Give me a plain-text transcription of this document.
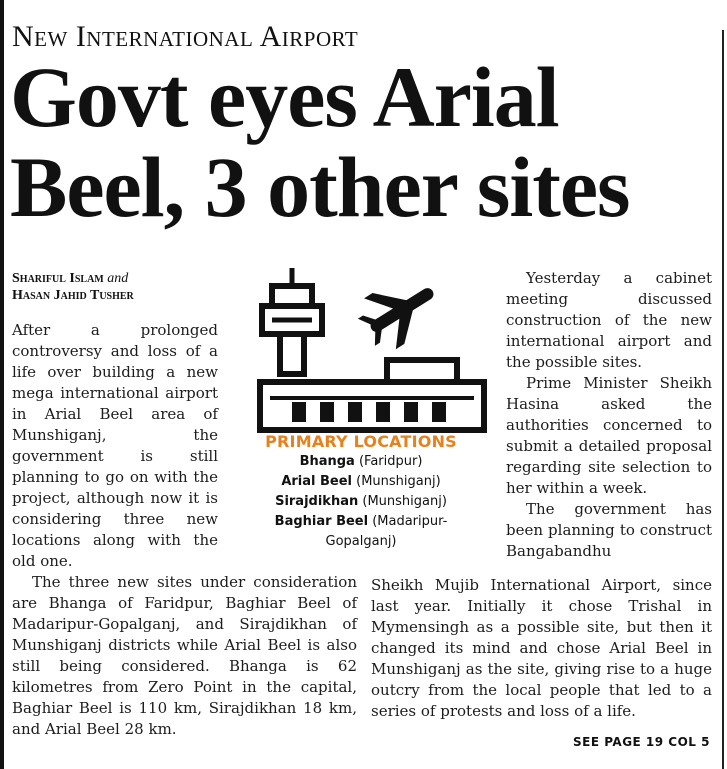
New International Airport
Govt eyes Arial
Beel, 3 other sites
Shariful Islam and
Hasan Jahid Tusher

After a prolonged controversy and loss of a life over building a new mega international airport in Arial Beel area of Munshiganj, the government is still planning to go on with the project, although now it is considering three new locations along with the old one.

The three new sites under consideration are Bhanga of Faridpur, Baghiar Beel of Madaripur-Gopalganj, and Sirajdikhan of Munshiganj districts while Arial Beel is also still being considered. Bhanga is 62 kilometres from Zero Point in the capital, Baghiar Beel is 110 km, Sirajdikhan 18 km, and Arial Beel 28 km.

PRIMARY LOCATIONS
Bhanga (Faridpur)
Arial Beel (Munshiganj)
Sirajdikhan (Munshiganj)
Baghiar Beel (Madaripur-Gopalganj)

Yesterday a cabinet meeting discussed construction of the new international airport and the possible sites.

Prime Minister Sheikh Hasina asked the authorities concerned to submit a detailed proposal regarding site selection to her within a week.

The government has been planning to construct Bangabandhu

Sheikh Mujib International Airport, since last year. Initially it chose Trishal in Mymensingh as a possible site, but then it changed its mind and chose Arial Beel in Munshiganj as the site, giving rise to a huge outcry from the local people that led to a series of protests and loss of a life.

SEE PAGE 19 COL 5
